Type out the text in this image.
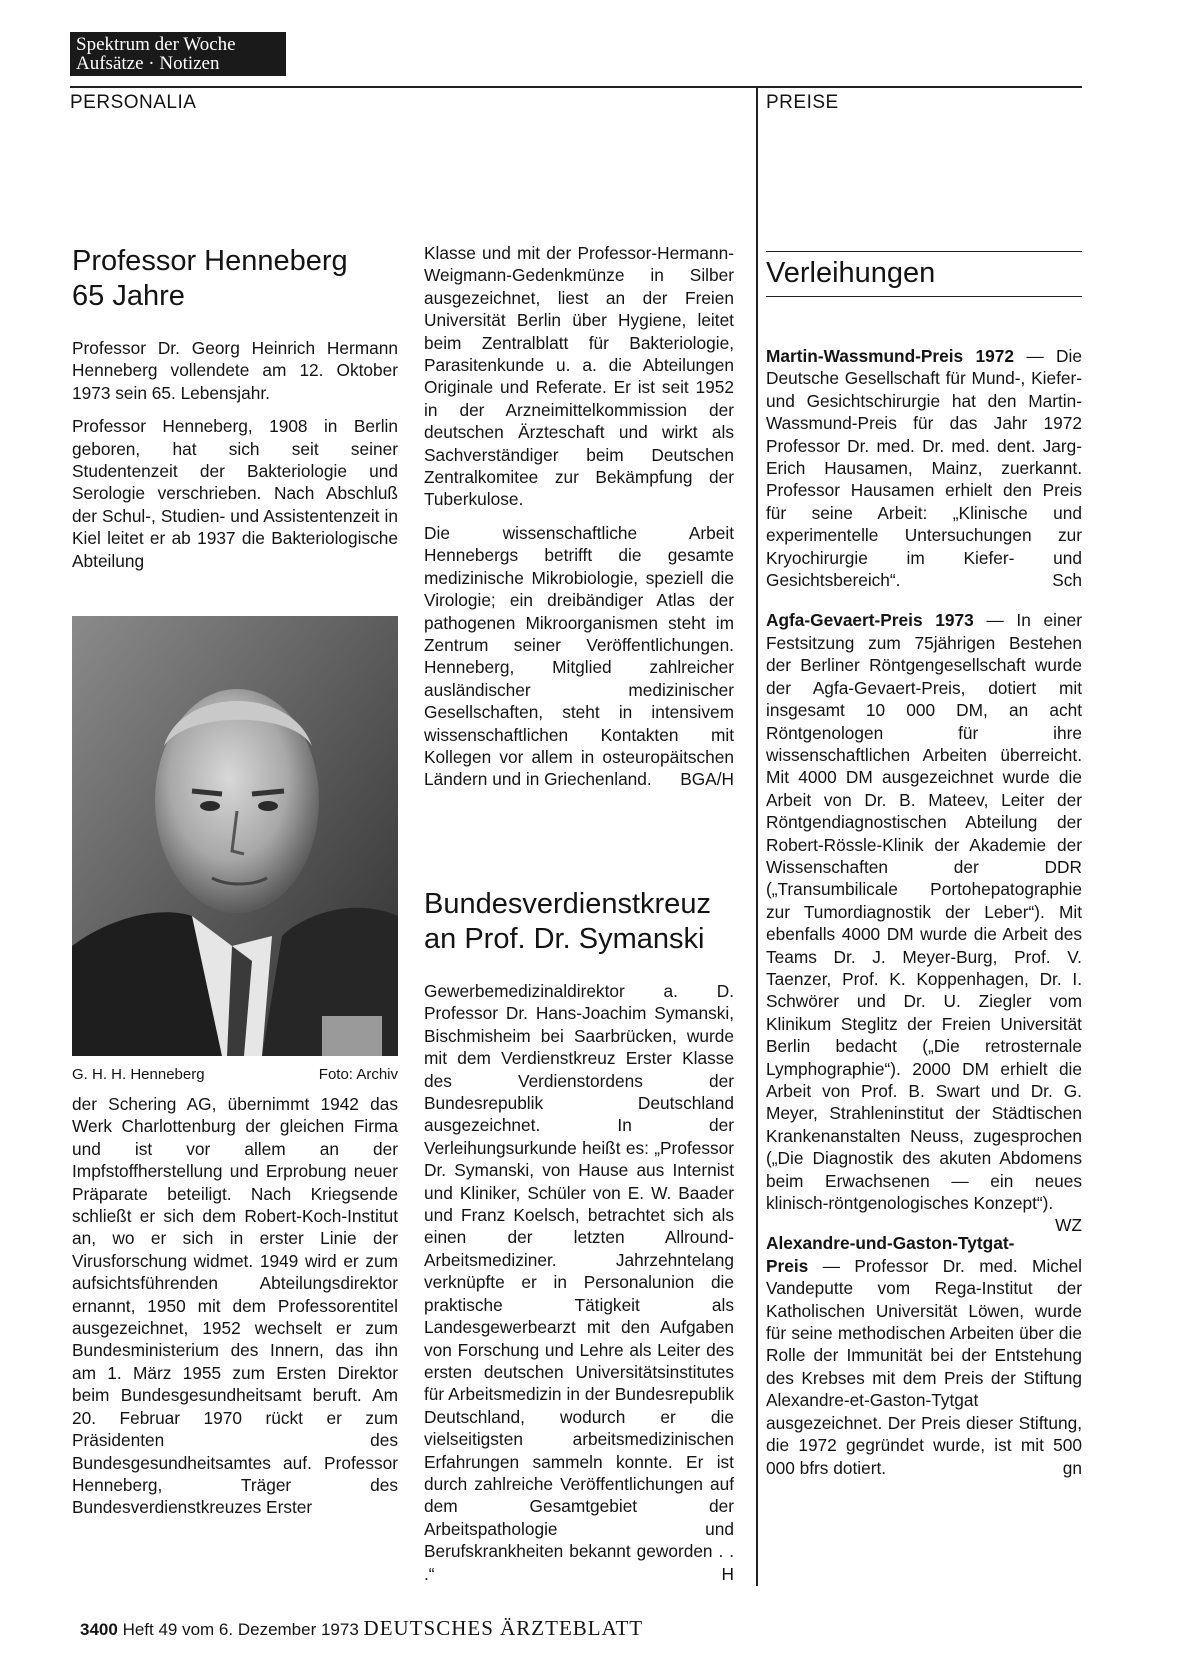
Spektrum der Woche
Aufsätze · Notizen
PERSONALIA	PREISE
Professor Henneberg
65 Jahre

Professor Dr. Georg Heinrich Hermann Henneberg vollendete am 12. Oktober 1973 sein 65. Lebensjahr.

Professor Henneberg, 1908 in Berlin geboren, hat sich seit seiner Studentenzeit der Bakteriologie und Serologie verschrieben. Nach Abschluß der Schul-, Studien- und Assistentenzeit in Kiel leitet er ab 1937 die Bakteriologische Abteilung

G. H. H. Henneberg	Foto: Archiv

der Schering AG, übernimmt 1942 das Werk Charlottenburg der gleichen Firma und ist vor allem an der Impfstoffherstellung und Erprobung neuer Präparate beteiligt. Nach Kriegsende schließt er sich dem Robert-Koch-Institut an, wo er sich in erster Linie der Virusforschung widmet. 1949 wird er zum aufsichtsführenden Abteilungsdirektor ernannt, 1950 mit dem Professorentitel ausgezeichnet, 1952 wechselt er zum Bundesministerium des Innern, das ihn am 1. März 1955 zum Ersten Direktor beim Bundesgesundheitsamt beruft. Am 20. Februar 1970 rückt er zum Präsidenten des Bundesgesundheitsamtes auf. Professor Henneberg, Träger des Bundesverdienstkreuzes Erster

Klasse und mit der Professor-Hermann-Weigmann-Gedenkmünze in Silber ausgezeichnet, liest an der Freien Universität Berlin über Hygiene, leitet beim Zentralblatt für Bakteriologie, Parasitenkunde u. a. die Abteilungen Originale und Referate. Er ist seit 1952 in der Arzneimittelkommission der deutschen Ärzteschaft und wirkt als Sachverständiger beim Deutschen Zentralkomitee zur Bekämpfung der Tuberkulose.

Die wissenschaftliche Arbeit Hennebergs betrifft die gesamte medizinische Mikrobiologie, speziell die Virologie; ein dreibändiger Atlas der pathogenen Mikroorganismen steht im Zentrum seiner Veröffentlichungen. Henneberg, Mitglied zahlreicher ausländischer medizinischer Gesellschaften, steht in intensivem wissenschaftlichen Kontakten mit Kollegen vor allem in osteuropäitschen Ländern und in Griechenland. BGA/H

Bundesverdienstkreuz
an Prof. Dr. Symanski

Gewerbemedizinaldirektor a. D. Professor Dr. Hans-Joachim Symanski, Bischmisheim bei Saarbrücken, wurde mit dem Verdienstkreuz Erster Klasse des Verdienstordens der Bundesrepublik Deutschland ausgezeichnet. In der Verleihungsurkunde heißt es: „Professor Dr. Symanski, von Hause aus Internist und Kliniker, Schüler von E. W. Baader und Franz Koelsch, betrachtet sich als einen der letzten Allround-Arbeitsmediziner. Jahrzehntelang verknüpfte er in Personalunion die praktische Tätigkeit als Landesgewerbearzt mit den Aufgaben von Forschung und Lehre als Leiter des ersten deutschen Universitätsinstitutes für Arbeitsmedizin in der Bundesrepublik Deutschland, wodurch er die vielseitigsten arbeitsmedizinischen Erfahrungen sammeln konnte. Er ist durch zahlreiche Veröffentlichungen auf dem Gesamtgebiet der Arbeitspathologie und Berufskrankheiten bekannt geworden . . .“	H

Verleihungen

Martin-Wassmund-Preis 1972 — Die Deutsche Gesellschaft für Mund-, Kiefer- und Gesichtschirurgie hat den Martin-Wassmund-Preis für das Jahr 1972 Professor Dr. med. Dr. med. dent. Jarg-Erich Hausamen, Mainz, zuerkannt. Professor Hausamen erhielt den Preis für seine Arbeit: „Klinische und experimentelle Untersuchungen zur Kryochirurgie im Kiefer- und Gesichtsbereich“.	Sch

Agfa-Gevaert-Preis 1973 — In einer Festsitzung zum 75jährigen Bestehen der Berliner Röntgengesellschaft wurde der Agfa-Gevaert-Preis, dotiert mit insgesamt 10 000 DM, an acht Röntgenologen für ihre wissenschaftlichen Arbeiten überreicht. Mit 4000 DM ausgezeichnet wurde die Arbeit von Dr. B. Mateev, Leiter der Röntgendiagnostischen Abteilung der Robert-Rössle-Klinik der Akademie der Wissenschaften der DDR („Transumbilicale Portohepatographie zur Tumordiagnostik der Leber“). Mit ebenfalls 4000 DM wurde die Arbeit des Teams Dr. J. Meyer-Burg, Prof. V. Taenzer, Prof. K. Koppenhagen, Dr. I. Schwörer und Dr. U. Ziegler vom Klinikum Steglitz der Freien Universität Berlin bedacht („Die retrosternale Lymphographie“). 2000 DM erhielt die Arbeit von Prof. B. Swart und Dr. G. Meyer, Strahleninstitut der Städtischen Krankenanstalten Neuss, zugesprochen („Die Diagnostik des akuten Abdomens beim Erwachsenen — ein neues klinisch-röntgenologisches Konzept“).
WZ

Alexandre-und-Gaston-Tytgat-Preis — Professor Dr. med. Michel Vandeputte vom Rega-Institut der Katholischen Universität Löwen, wurde für seine methodischen Arbeiten über die Rolle der Immunität bei der Entstehung des Krebses mit dem Preis der Stiftung Alexandre-et-Gaston-Tytgat ausgezeichnet. Der Preis dieser Stiftung, die 1972 gegründet wurde, ist mit 500 000 bfrs dotiert.	gn

3400 Heft 49 vom 6. Dezember 1973 DEUTSCHES ÄRZTEBLATT
